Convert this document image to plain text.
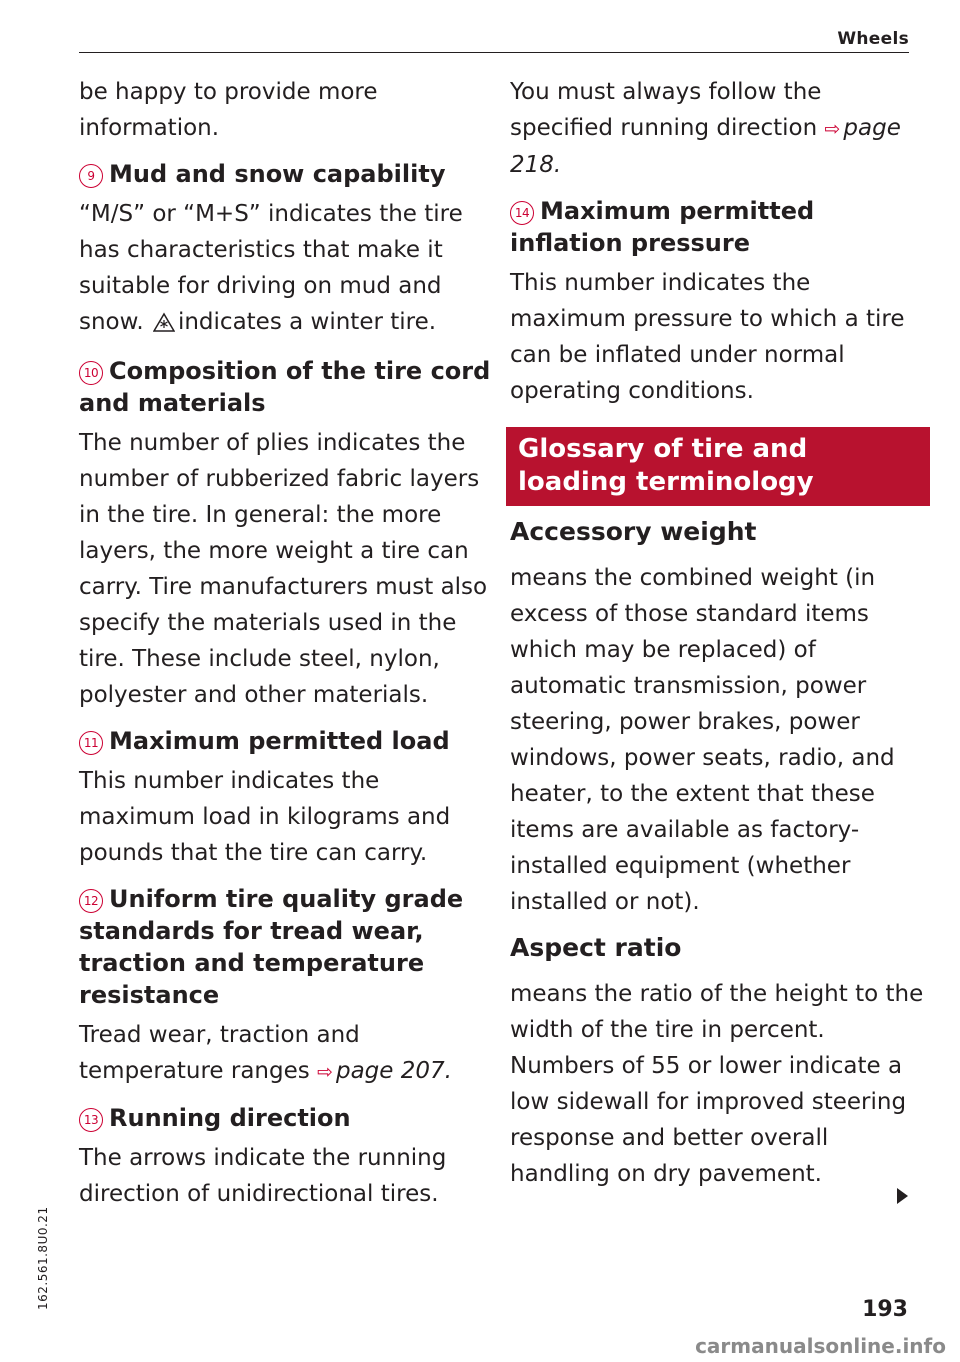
Wheels

be happy to provide more information.

9 Mud and snow capability

“M/S” or “M+S” indicates the tire has characteristics that make it suitable for driving on mud and snow. indicates a winter tire.

10 Composition of the tire cord and materials

The number of plies indicates the number of rubberized fabric layers in the tire. In general: the more layers, the more weight a tire can carry. Tire manufacturers must also specify the materials used in the tire. These include steel, nylon, polyester and other materials.

11 Maximum permitted load

This number indicates the maximum load in kilograms and pounds that the tire can carry.

12 Uniform tire quality grade standards for tread wear, traction and temperature resistance

Tread wear, traction and temperature ranges ⇨ page 207.

13 Running direction

The arrows indicate the running direction of unidirectional tires.

You must always follow the specified running direction ⇨ page 218.

14 Maximum permitted inflation pressure

This number indicates the maximum pressure to which a tire can be inflated under normal operating conditions.

Glossary of tire and loading terminology
Accessory weight

means the combined weight (in excess of those standard items which may be replaced) of automatic transmission, power steering, power brakes, power windows, power seats, radio, and heater, to the extent that these items are available as factory-installed equipment (whether installed or not).

Aspect ratio

means the ratio of the height to the width of the tire in percent. Numbers of 55 or lower indicate a low sidewall for improved steering response and better overall handling on dry pavement.

193
162.561.8U0.21
carmanualsonline.info
